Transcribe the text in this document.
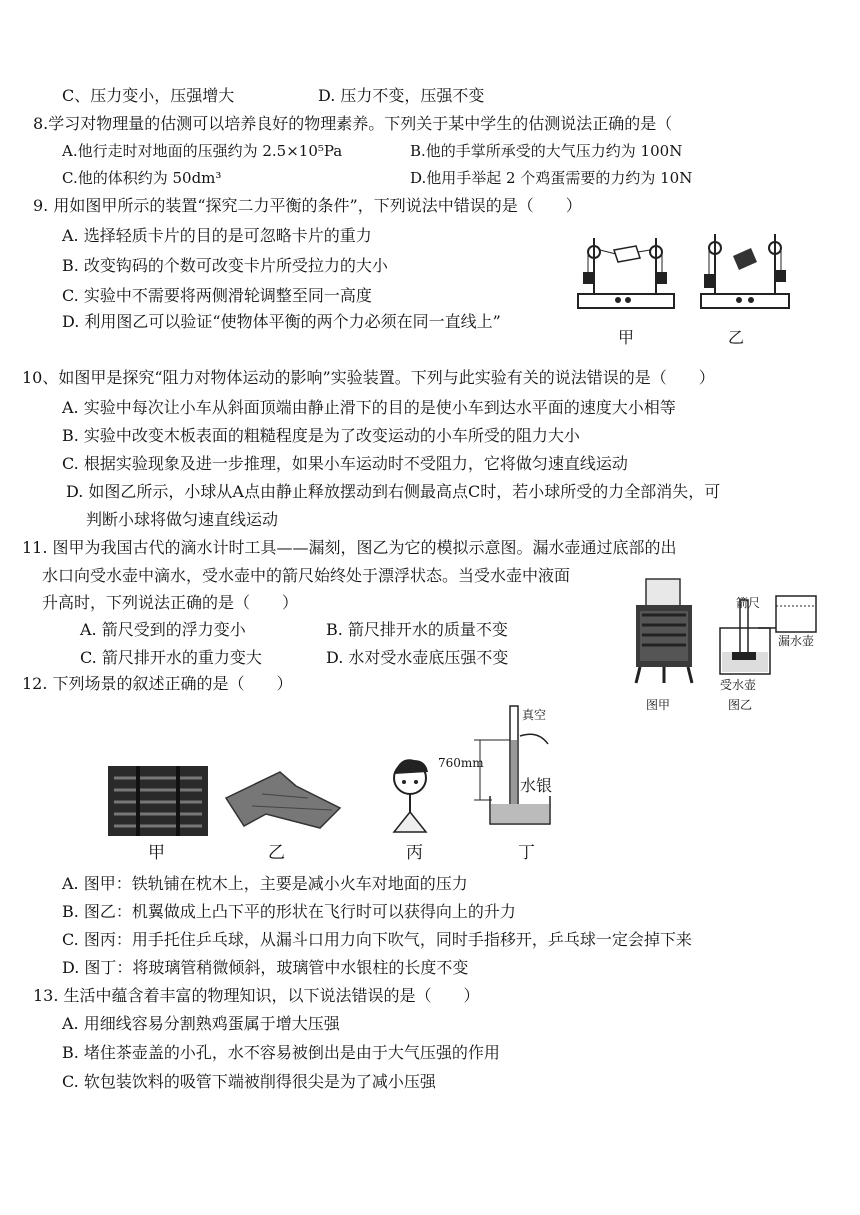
C、压力变小，压强增大	D. 压力不变，压强不变
8.学习对物理量的估测可以培养良好的物理素养。下列关于某中学生的估测说法正确的是（
A.他行走时对地面的压强约为 2.5×10⁵Pa	B.他的手掌所承受的大气压力约为 100N
C.他的体积约为 50dm³	D.他用手举起 2 个鸡蛋需要的力约为 10N
9. 用如图甲所示的装置“探究二力平衡的条件”，下列说法中错误的是（　　）
A. 选择轻质卡片的目的是可忽略卡片的重力
B. 改变钩码的个数可改变卡片所受拉力的大小
C. 实验中不需要将两侧滑轮调整至同一高度
D. 利用图乙可以验证“使物体平衡的两个力必须在同一直线上”
甲	乙
10、如图甲是探究“阻力对物体运动的影响”实验装置。下列与此实验有关的说法错误的是（　　）
A. 实验中每次让小车从斜面顶端由静止滑下的目的是使小车到达水平面的速度大小相等
B. 实验中改变木板表面的粗糙程度是为了改变运动的小车所受的阻力大小
C. 根据实验现象及进一步推理，如果小车运动时不受阻力，它将做匀速直线运动
D. 如图乙所示，小球从A点由静止释放摆动到右侧最高点C时，若小球所受的力全部消失，可
判断小球将做匀速直线运动
11. 图甲为我国古代的滴水计时工具——漏刻，图乙为它的模拟示意图。漏水壶通过底部的出
水口向受水壶中滴水，受水壶中的箭尺始终处于漂浮状态。当受水壶中液面
升高时，下列说法正确的是（　　）
A. 箭尺受到的浮力变小	B. 箭尺排开水的质量不变
C. 箭尺排开水的重力变大	D. 水对受水壶底压强不变
图甲
箭尺
漏水壶
受水壶
图乙
12. 下列场景的叙述正确的是（　　）
真空
760mm
水银
甲	乙	丙	丁
A. 图甲：铁轨铺在枕木上，主要是减小火车对地面的压力
B. 图乙：机翼做成上凸下平的形状在飞行时可以获得向上的升力
C. 图丙：用手托住乒乓球，从漏斗口用力向下吹气，同时手指移开，乒乓球一定会掉下来
D. 图丁：将玻璃管稍微倾斜，玻璃管中水银柱的长度不变
13. 生活中蕴含着丰富的物理知识，以下说法错误的是（　　）
A. 用细线容易分割熟鸡蛋属于增大压强
B. 堵住茶壶盖的小孔，水不容易被倒出是由于大气压强的作用
C. 软包装饮料的吸管下端被削得很尖是为了减小压强
